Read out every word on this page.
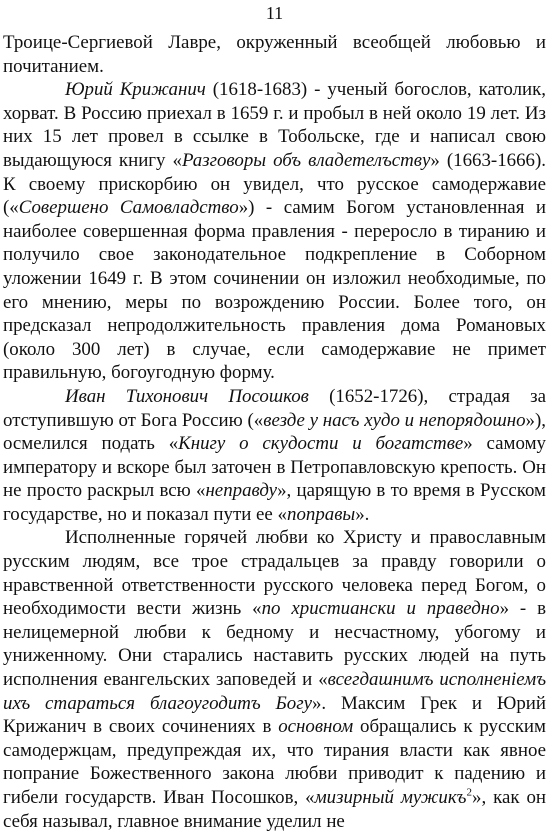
11

Троице-Сергиевой Лавре, окруженный всеобщей любовью и почитанием.

Юрий Крижанич (1618-1683) - ученый богослов, католик, хорват. В Россию приехал в 1659 г. и пробыл в ней около 19 лет. Из них 15 лет провел в ссылке в Тобольске, где и написал свою выдающуюся книгу «Разговоры объ владетелъству» (1663-1666). К своему прискорбию он увидел, что русское самодержавие («Совершено Самовладство») - самим Богом установленная и наиболее совершенная форма правления - переросло в тиранию и получило свое законодательное подкрепление в Соборном уложении 1649 г. В этом сочинении он изложил необходимые, по его мнению, меры по возрождению России. Более того, он предсказал непродолжительность правления дома Романовых (около 300 лет) в случае, если самодержавие не примет правильную, богоугодную форму.

Иван Тихонович Посошков (1652-1726), страдая за отступившую от Бога Россию («везде у насъ худо и непорядошно»), осмелился подать «Книгу о скудости и богатстве» самому императору и вскоре был заточен в Петропавловскую крепость. Он не просто раскрыл всю «неправду», царящую в то время в Русском государстве, но и показал пути ее «поправы».

Исполненные горячей любви ко Христу и православным русским людям, все трое страдальцев за правду говорили о нравственной ответственности русского человека перед Богом, о необходимости вести жизнь «по христиански и праведно» - в нелицемерной любви к бедному и несчастному, убогому и униженному. Они старались наставить русских людей на путь исполнения евангельских заповедей и «всегдашнимъ исполненіемъ ихъ стараться благоугодитъ Богу». Максим Грек и Юрий Крижанич в своих сочинениях в основном обращались к русским самодержцам, предупреждая их, что тирания власти как явное попрание Божественного закона любви приводит к падению и гибели государств. Иван Посошков, «мизирный мужикъ$^2$», как он себя называл, главное внимание уделил не
